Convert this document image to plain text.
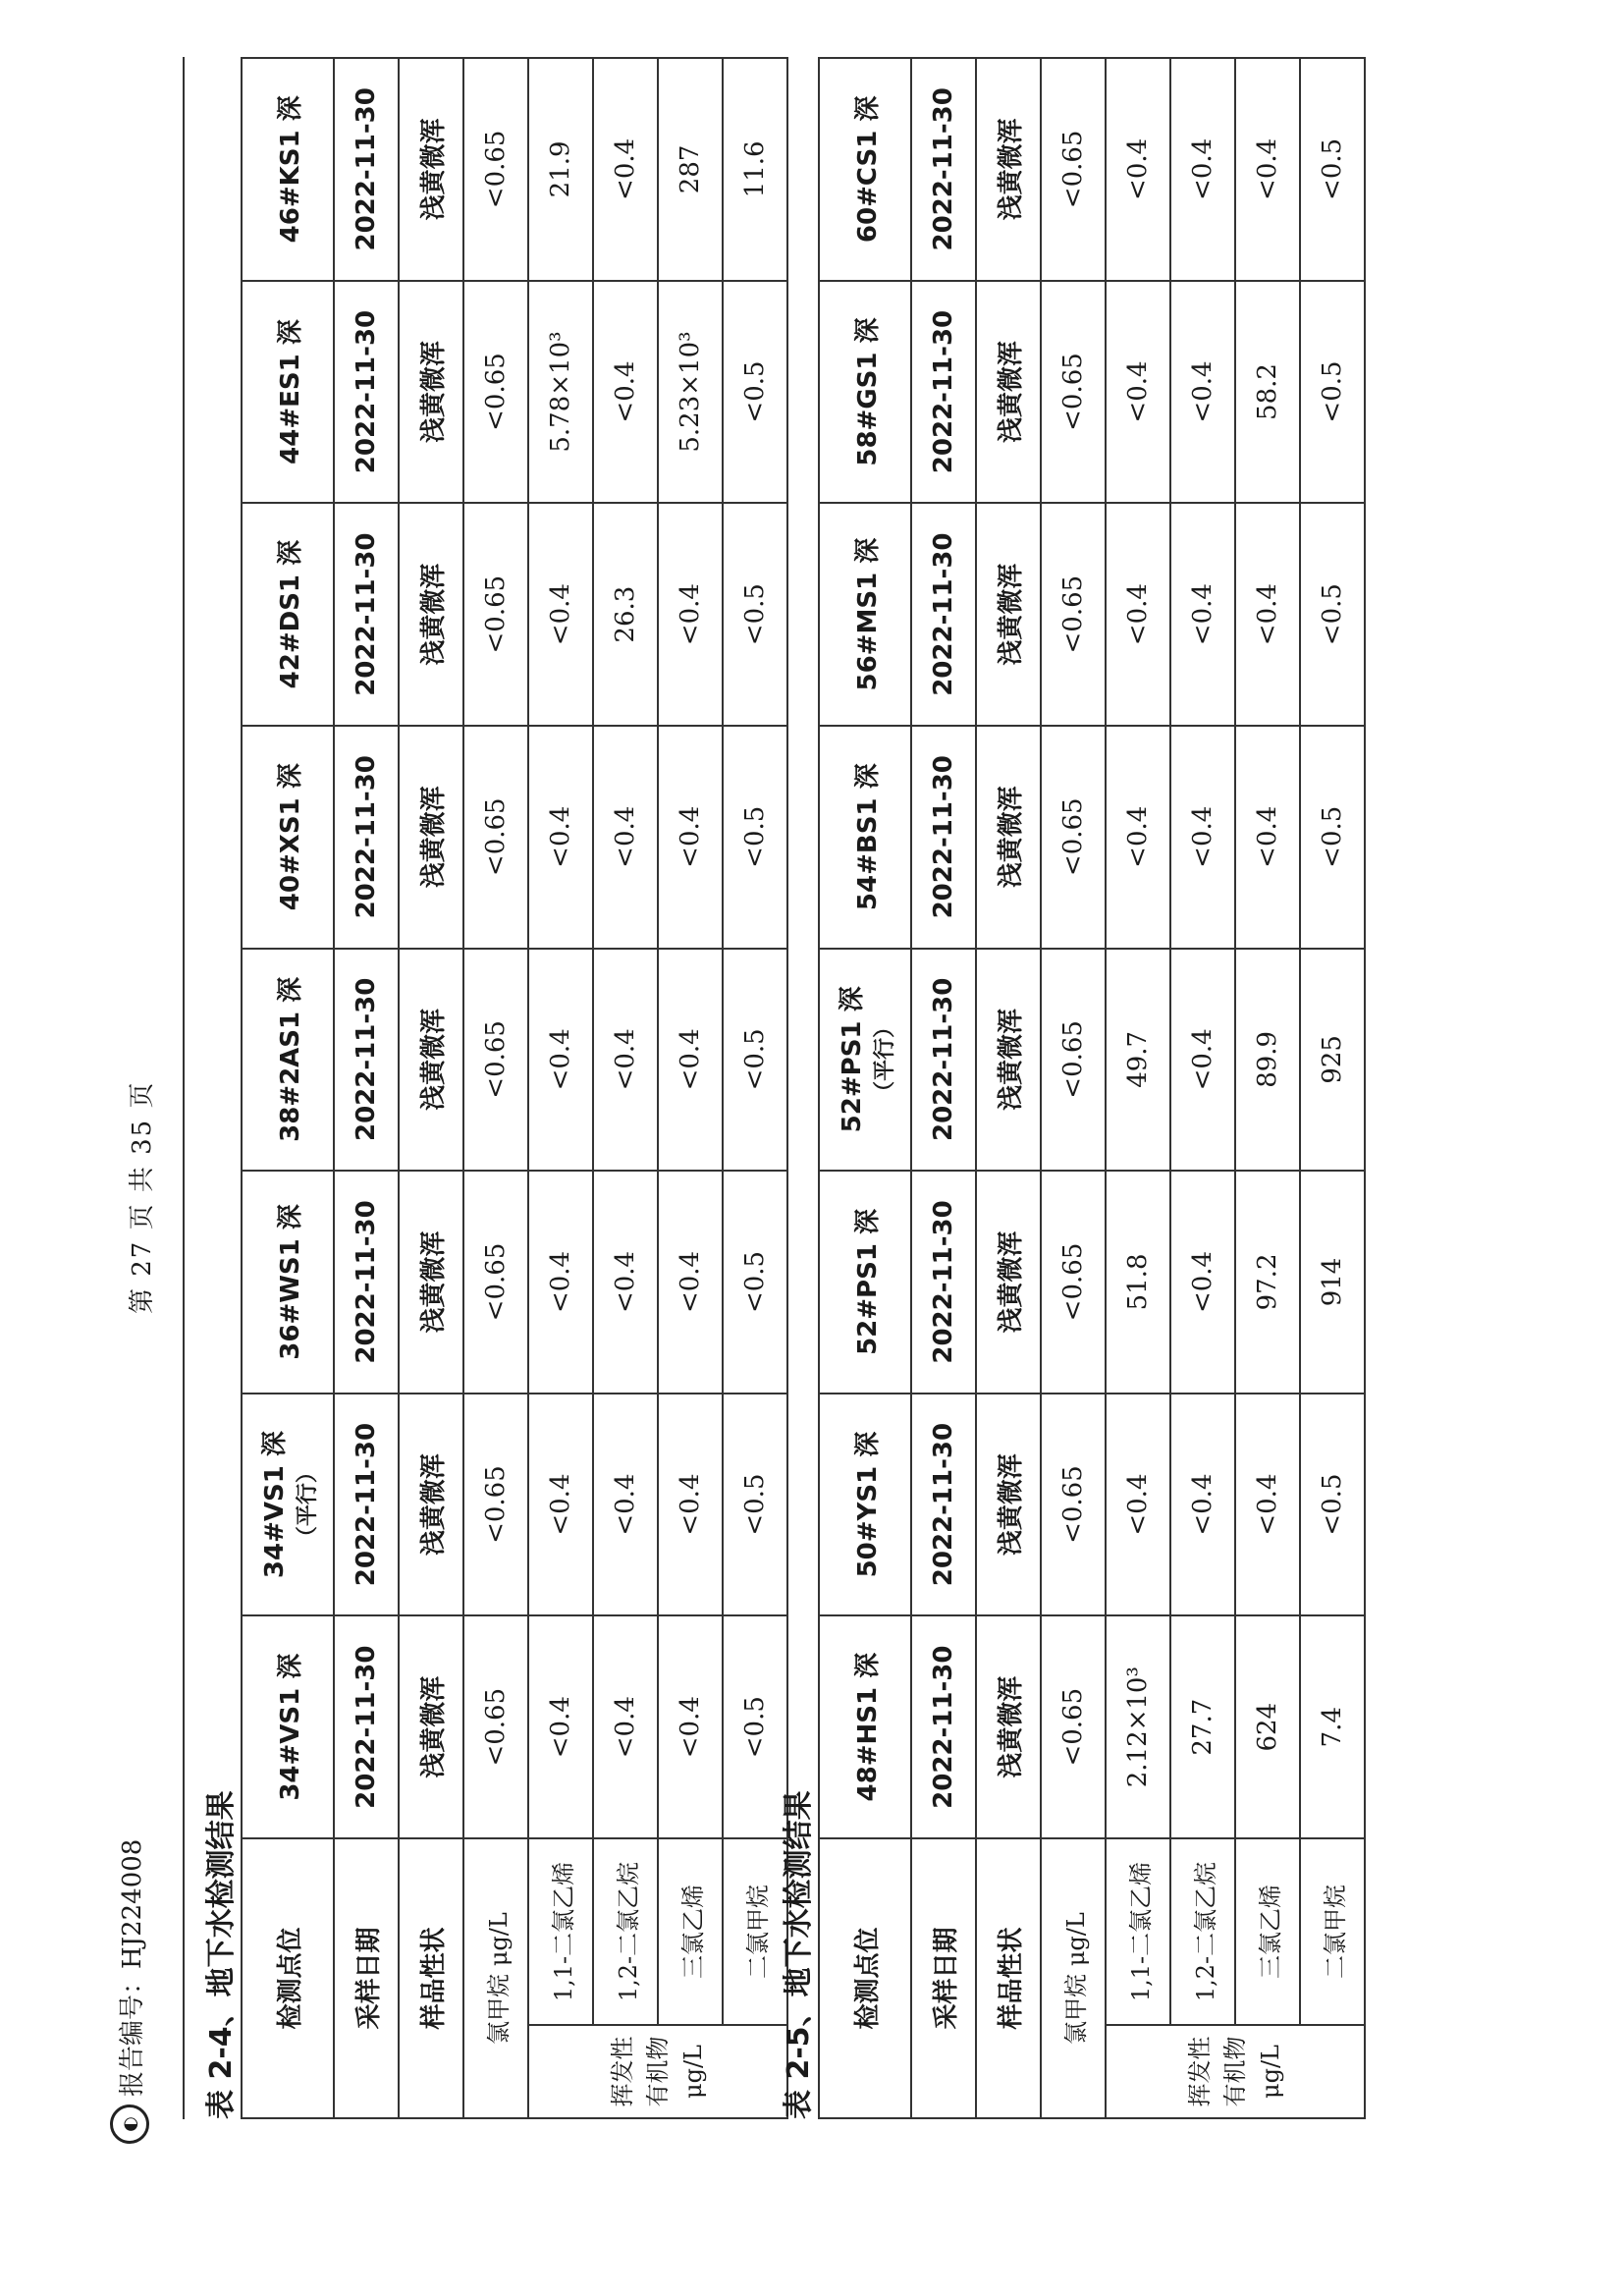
◐
报告编号：HJ224008
第 27 页 共 35 页
表 2-4、地下水检测结果 检测点位		34#VS1 深	34#VS1 深 （平行）	36#WS1 深	38#2AS1 深	40#XS1 深	42#DS1 深	44#ES1 深	46#KS1 深

采样日期		2022-11-30	2022-11-30	2022-11-30	2022-11-30	2022-11-30	2022-11-30	2022-11-30	2022-11-30
样品性状		浅黄微浑	浅黄微浑	浅黄微浑	浅黄微浑	浅黄微浑	浅黄微浑	浅黄微浑	浅黄微浑
氯甲烷 μg/L		<0.65	<0.65	<0.65	<0.65	<0.65	<0.65	<0.65	<0.65
挥发性有机物 μg/L	1,1-二氯乙烯	<0.4	<0.4	<0.4	<0.4	<0.4	<0.4	5.78×10³	21.9
	1,2-二氯乙烷	<0.4	<0.4	<0.4	<0.4	<0.4	26.3	<0.4	<0.4
	三氯乙烯	<0.4	<0.4	<0.4	<0.4	<0.4	<0.4	5.23×10³	287
	二氯甲烷	<0.5	<0.5	<0.5	<0.5	<0.5	<0.5	<0.5	11.6
表 2-5、地下水检测结果 检测点位		48#HS1 深	50#YS1 深	52#PS1 深	52#PS1 深 （平行）	54#BS1 深	56#MS1 深	58#GS1 深	60#CS1 深

采样日期		2022-11-30	2022-11-30	2022-11-30	2022-11-30	2022-11-30	2022-11-30	2022-11-30	2022-11-30
样品性状		浅黄微浑	浅黄微浑	浅黄微浑	浅黄微浑	浅黄微浑	浅黄微浑	浅黄微浑	浅黄微浑
氯甲烷 μg/L		<0.65	<0.65	<0.65	<0.65	<0.65	<0.65	<0.65	<0.65
挥发性有机物 μg/L	1,1-二氯乙烯	2.12×10³	<0.4	51.8	49.7	<0.4	<0.4	<0.4	<0.4
	1,2-二氯乙烷	27.7	<0.4	<0.4	<0.4	<0.4	<0.4	<0.4	<0.4
	三氯乙烯	624	<0.4	97.2	89.9	<0.4	<0.4	58.2	<0.4
	二氯甲烷	7.4	<0.5	914	925	<0.5	<0.5	<0.5	<0.5
